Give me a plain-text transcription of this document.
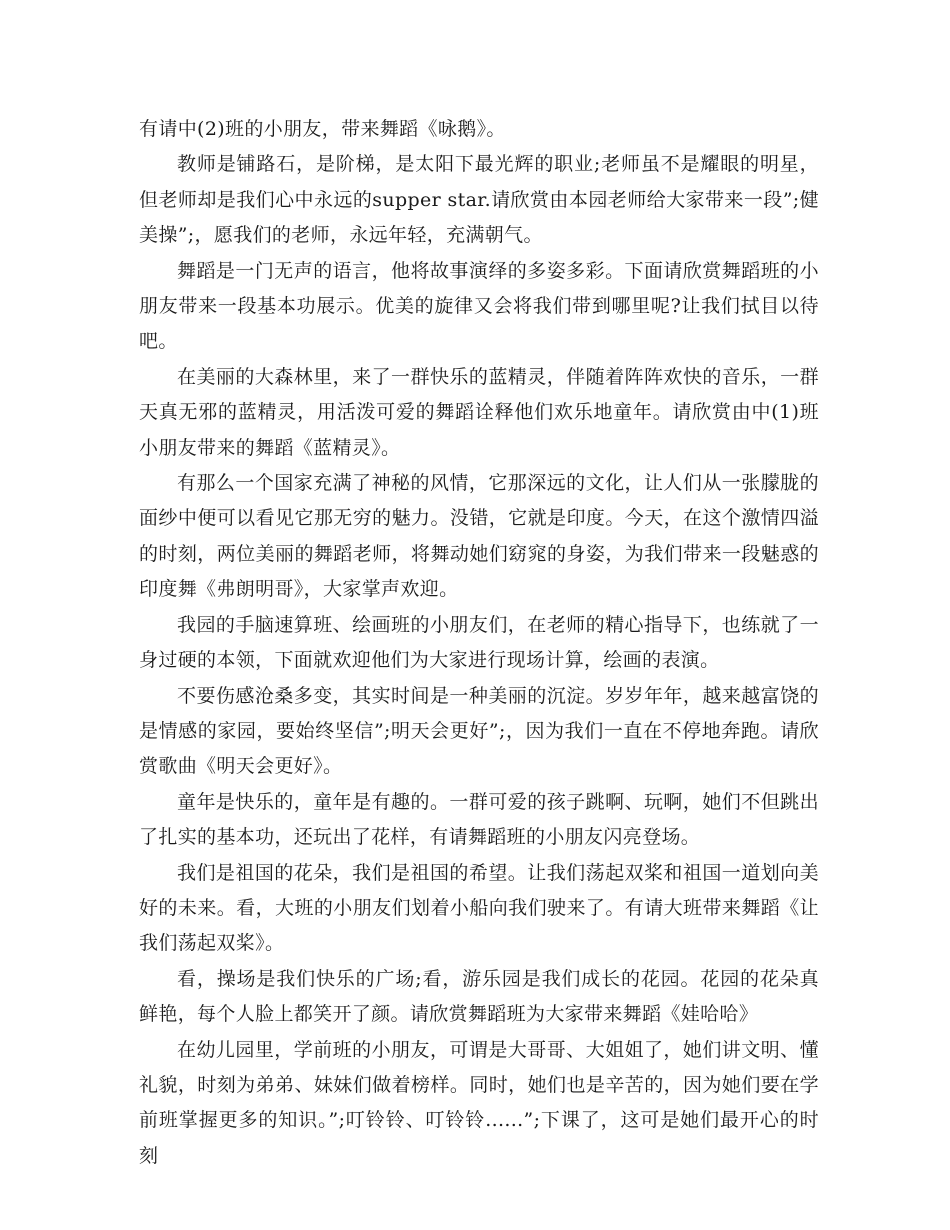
有请中(2)班的小朋友，带来舞蹈《咏鹅》。

教师是铺路石，是阶梯，是太阳下最光辉的职业;老师虽不是耀眼的明星，但老师却是我们心中永远的supper star.请欣赏由本园老师给大家带来一段”;健美操”;，愿我们的老师，永远年轻，充满朝气。

舞蹈是一门无声的语言，他将故事演绎的多姿多彩。下面请欣赏舞蹈班的小朋友带来一段基本功展示。优美的旋律又会将我们带到哪里呢?让我们拭目以待吧。

在美丽的大森林里，来了一群快乐的蓝精灵，伴随着阵阵欢快的音乐，一群天真无邪的蓝精灵，用活泼可爱的舞蹈诠释他们欢乐地童年。请欣赏由中(1)班小朋友带来的舞蹈《蓝精灵》。

有那么一个国家充满了神秘的风情，它那深远的文化，让人们从一张朦胧的面纱中便可以看见它那无穷的魅力。没错，它就是印度。今天，在这个激情四溢的时刻，两位美丽的舞蹈老师，将舞动她们窈窕的身姿，为我们带来一段魅惑的印度舞《弗朗明哥》，大家掌声欢迎。

我园的手脑速算班、绘画班的小朋友们，在老师的精心指导下，也练就了一身过硬的本领，下面就欢迎他们为大家进行现场计算，绘画的表演。

不要伤感沧桑多变，其实时间是一种美丽的沉淀。岁岁年年，越来越富饶的是情感的家园，要始终坚信”;明天会更好”;，因为我们一直在不停地奔跑。请欣赏歌曲《明天会更好》。

童年是快乐的，童年是有趣的。一群可爱的孩子跳啊、玩啊，她们不但跳出了扎实的基本功，还玩出了花样，有请舞蹈班的小朋友闪亮登场。

我们是祖国的花朵，我们是祖国的希望。让我们荡起双桨和祖国一道划向美好的未来。看，大班的小朋友们划着小船向我们驶来了。有请大班带来舞蹈《让我们荡起双桨》。

看，操场是我们快乐的广场;看，游乐园是我们成长的花园。花园的花朵真鲜艳，每个人脸上都笑开了颜。请欣赏舞蹈班为大家带来舞蹈《娃哈哈》

在幼儿园里，学前班的小朋友，可谓是大哥哥、大姐姐了，她们讲文明、懂礼貌，时刻为弟弟、妹妹们做着榜样。同时，她们也是辛苦的，因为她们要在学前班掌握更多的知识。”;叮铃铃、叮铃铃......”;下课了，这可是她们最开心的时刻
